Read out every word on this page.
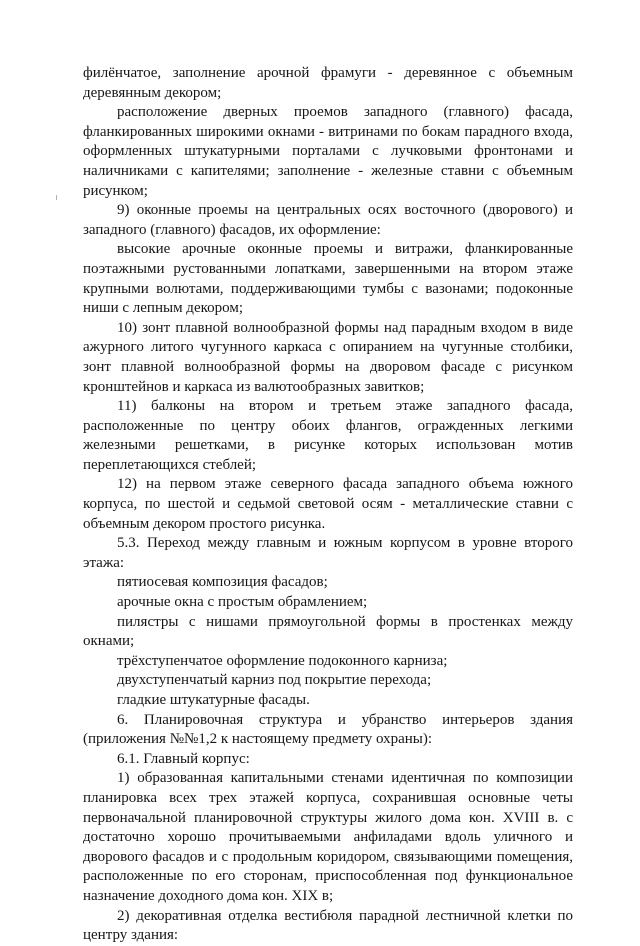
филёнчатое, заполнение арочной фрамуги - деревянное с объемным деревянным декором;

расположение дверных проемов западного (главного) фасада, фланкированных широкими окнами - витринами по бокам парадного входа, оформленных штукатурными порталами с лучковыми фронтонами и наличниками с капителями; заполнение - железные ставни с объемным рисунком;

9) оконные проемы на центральных осях восточного (дворового) и западного (главного) фасадов, их оформление:

высокие арочные оконные проемы и витражи, фланкированные поэтажными рустованными лопатками, завершенными на втором этаже крупными волютами, поддерживающими тумбы с вазонами; подоконные ниши с лепным декором;

10) зонт плавной волнообразной формы над парадным входом в виде ажурного литого чугунного каркаса с опиранием на чугунные столбики, зонт плавной волнообразной формы на дворовом фасаде с рисунком кронштейнов и каркаса из валютообразных завитков;

11) балконы на втором и третьем этаже западного фасада, расположенные по центру обоих флангов, огражденных легкими железными решетками, в рисунке которых использован мотив переплетающихся стеблей;

12) на первом этаже северного фасада западного объема южного корпуса, по шестой и седьмой световой осям - металлические ставни с объемным декором простого рисунка.

5.3. Переход между главным и южным корпусом в уровне второго этажа:

пятиосевая композиция фасадов;

арочные окна с простым обрамлением;

пилястры с нишами прямоугольной формы в простенках между окнами;

трёхступенчатое оформление подоконного карниза;

двухступенчатый карниз под покрытие перехода;

гладкие штукатурные фасады.

6. Планировочная структура и убранство интерьеров здания (приложения №№1,2 к настоящему предмету охраны):

6.1. Главный корпус:

1) образованная капитальными стенами идентичная по композиции планировка всех трех этажей корпуса, сохранившая основные четы первоначальной планировочной структуры жилого дома кон. XVIII в. с достаточно хорошо прочитываемыми анфиладами вдоль уличного и дворового фасадов и с продольным коридором, связывающими помещения, расположенные по его сторонам, приспособленная под функциональное назначение доходного дома кон. XIX в;

2) декоративная отделка вестибюля парадной лестничной клетки по центру здания:
